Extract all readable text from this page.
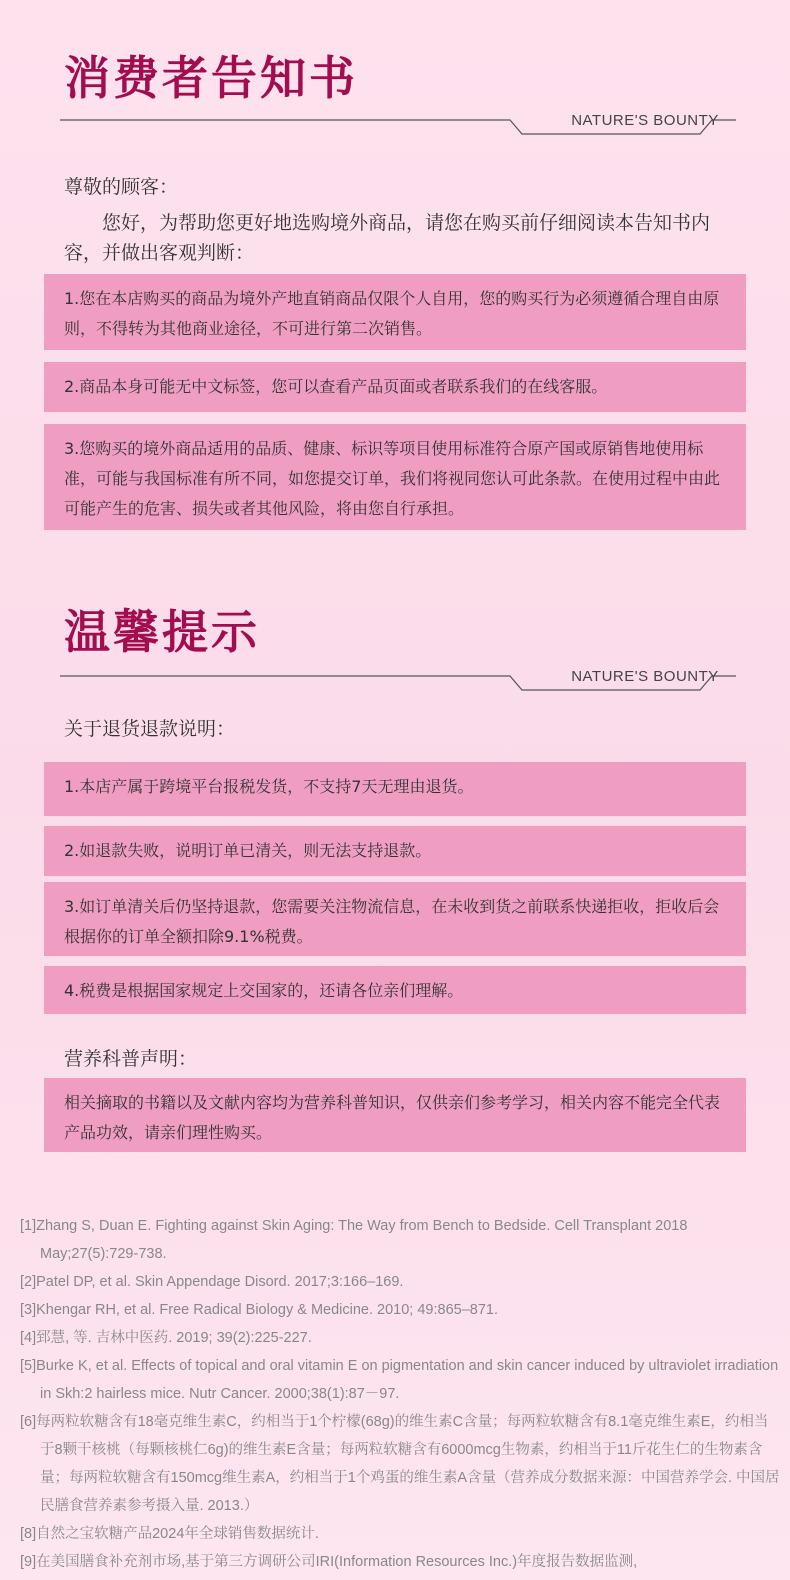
消费者告知书
NATURE'S BOUNTY
尊敬的顾客：
您好，为帮助您更好地选购境外商品，请您在购买前仔细阅读本告知书内容，并做出客观判断：
1.您在本店购买的商品为境外产地直销商品仅限个人自用，您的购买行为必须遵循合理自由原则，不得转为其他商业途径，不可进行第二次销售。
2.商品本身可能无中文标签，您可以查看产品页面或者联系我们的在线客服。
3.您购买的境外商品适用的品质、健康、标识等项目使用标准符合原产国或原销售地使用标准，可能与我国标准有所不同，如您提交订单，我们将视同您认可此条款。在使用过程中由此可能产生的危害、损失或者其他风险，将由您自行承担。
温馨提示
NATURE'S BOUNTY
关于退货退款说明：
1.本店产属于跨境平台报税发货，不支持7天无理由退货。
2.如退款失败，说明订单已清关，则无法支持退款。
3.如订单清关后仍坚持退款，您需要关注物流信息，在未收到货之前联系快递拒收，拒收后会根据你的订单全额扣除9.1%税费。
4.税费是根据国家规定上交国家的，还请各位亲们理解。
营养科普声明：
相关摘取的书籍以及文献内容均为营养科普知识，仅供亲们参考学习，相关内容不能完全代表产品功效，请亲们理性购买。
[1]Zhang S, Duan E. Fighting against Skin Aging: The Way from Bench to Bedside. Cell Transplant 2018 May;27(5):729-738.
[2]Patel DP, et al. Skin Appendage Disord. 2017;3:166–169.
[3]Khengar RH, et al. Free Radical Biology & Medicine. 2010; 49:865–871.
[4]郅慧, 等. 吉林中医药. 2019; 39(2):225-227.
[5]Burke K, et al. Effects of topical and oral vitamin E on pigmentation and skin cancer induced by ultraviolet irradiation in Skh:2 hairless mice. Nutr Cancer. 2000;38(1):87－97.
[6]每两粒软糖含有18毫克维生素C，约相当于1个柠檬(68g)的维生素C含量；每两粒软糖含有8.1毫克维生素E，约相当于8颗干核桃（每颗核桃仁6g)的维生素E含量；每两粒软糖含有6000mcg生物素，约相当于11斤花生仁的生物素含量；每两粒软糖含有150mcg维生素A，约相当于1个鸡蛋的维生素A含量（营养成分数据来源：中国营养学会. 中国居民膳食营养素参考摄入量. 2013.）
[8]自然之宝软糖产品2024年全球销售数据统计.
[9]在美国膳食补充剂市场,基于第三方调研公司IRI(Information Resources Inc.)年度报告数据监测,
